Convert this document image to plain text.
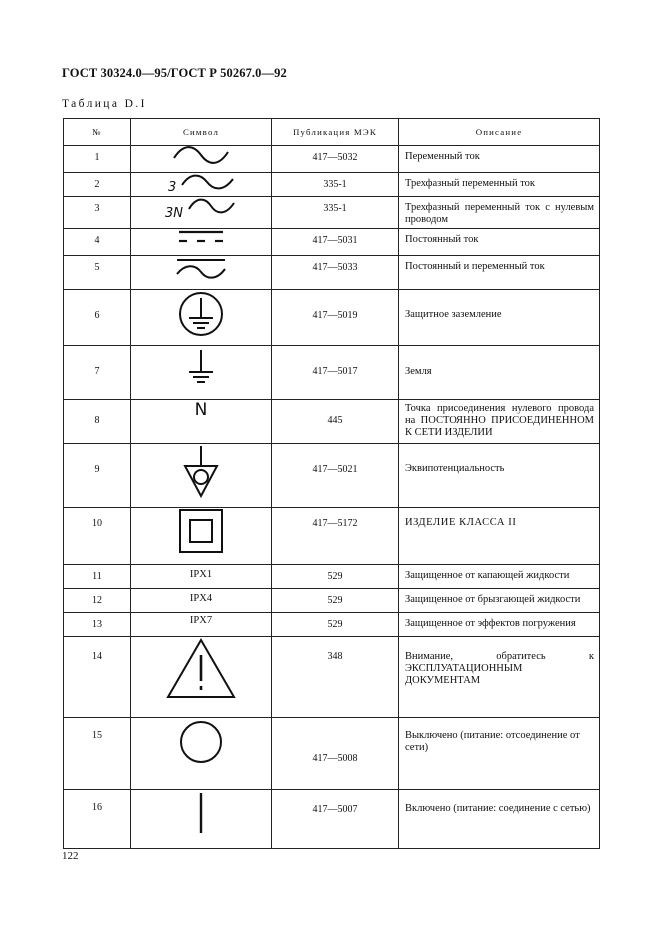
ГОСТ 30324.0—95/ГОСТ Р 50267.0—92
Таблица D.I
№	Символ	Публикация МЭК	Описание
1		417—5032	Переменный ток
2	3	335-1	Трехфазный переменный ток
3	3N	335-1	Трехфазный переменный ток с нулевым проводом
4		417—5031	Постоянный ток
5		417—5033	Постоянный и переменный ток
6		417—5019	Защитное заземление
7		417—5017	Земля
8	N	445	Точка присоединения нулевого провода на ПОСТОЯННО ПРИСОЕДИНЕННОМ К СЕТИ ИЗДЕЛИИ
9		417—5021	Эквипотенциальность
10		417—5172	ИЗДЕЛИЕ КЛАССА II
11	IPX1	529	Защищенное от капающей жидкости
12	IPX4	529	Защищенное от брызгающей жидкости
13	IPX7	529	Защищенное от эффектов погружения
14		348	Внимание, обратитесь к ЭКСПЛУАТАЦИОННЫМ ДОКУМЕНТАМ
15		417—5008	Выключено (питание: отсоединение от сети)
16		417—5007	Включено (питание: соединение с сетью)
122
